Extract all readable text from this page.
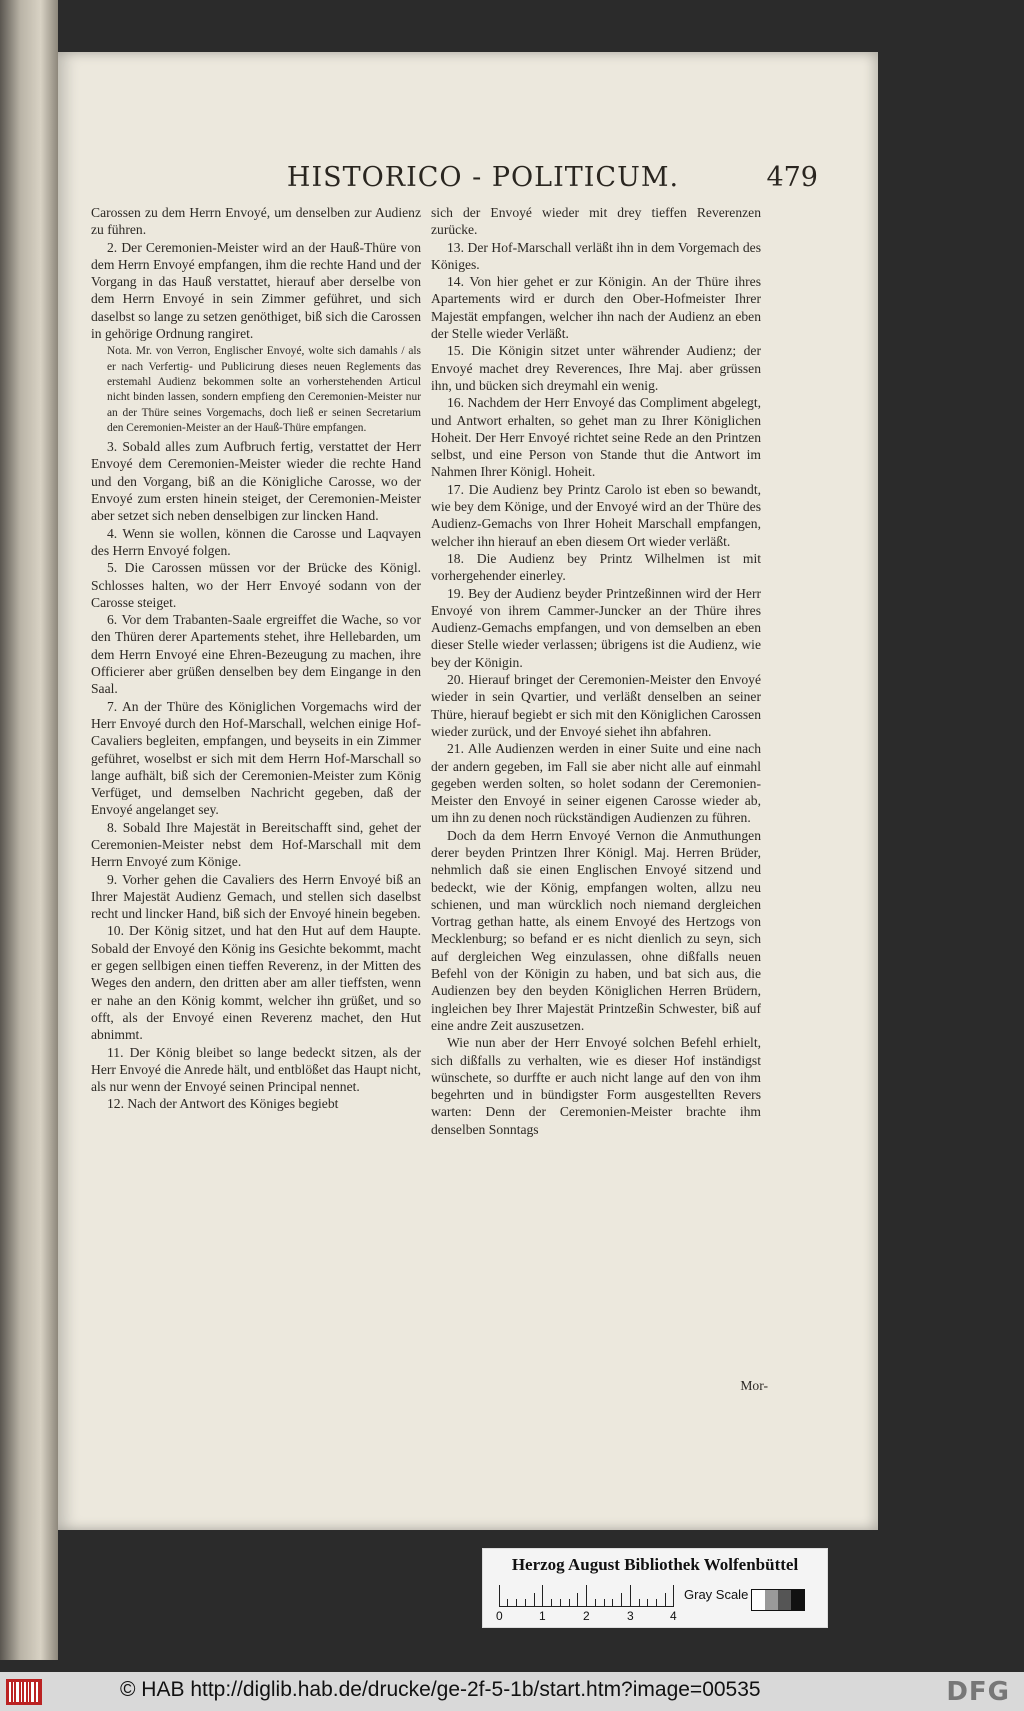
HISTORICO - POLITICUM.	479

Carossen zu dem Herrn Envoyé, um denselben zur Audienz zu führen.

2. Der Ceremonien-Meister wird an der Hauß-Thüre von dem Herrn Envoyé empfangen, ihm die rechte Hand und der Vorgang in das Hauß verstattet, hierauf aber derselbe von dem Herrn Envoyé in sein Zimmer geführet, und sich daselbst so lange zu setzen genöthiget, biß sich die Carossen in gehörige Ordnung rangiret.

Nota. Mr. von Verron, Englischer Envoyé, wolte sich damahls / als er nach Verfertig- und Publicirung dieses neuen Reglements das erstemahl Audienz bekommen solte an vorherstehenden Articul nicht binden lassen, sondern empfieng den Ceremonien-Meister nur an der Thüre seines Vorgemachs, doch ließ er seinen Secretarium den Ceremonien-Meister an der Hauß-Thüre empfangen.

3. Sobald alles zum Aufbruch fertig, verstattet der Herr Envoyé dem Ceremonien-Meister wieder die rechte Hand und den Vorgang, biß an die Königliche Carosse, wo der Envoyé zum ersten hinein steiget, der Ceremonien-Meister aber setzet sich neben denselbigen zur lincken Hand.

4. Wenn sie wollen, können die Carosse und Laqvayen des Herrn Envoyé folgen.

5. Die Carossen müssen vor der Brücke des Königl. Schlosses halten, wo der Herr Envoyé sodann von der Carosse steiget.

6. Vor dem Trabanten-Saale ergreiffet die Wache, so vor den Thüren derer Apartements stehet, ihre Hellebarden, um dem Herrn Envoyé eine Ehren-Bezeugung zu machen, ihre Officierer aber grüßen denselben bey dem Eingange in den Saal.

7. An der Thüre des Königlichen Vorgemachs wird der Herr Envoyé durch den Hof-Marschall, welchen einige Hof-Cavaliers begleiten, empfangen, und beyseits in ein Zimmer geführet, woselbst er sich mit dem Herrn Hof-Marschall so lange aufhält, biß sich der Ceremonien-Meister zum König Verfüget, und demselben Nachricht gegeben, daß der Envoyé angelanget sey.

8. Sobald Ihre Majestät in Bereitschafft sind, gehet der Ceremonien-Meister nebst dem Hof-Marschall mit dem Herrn Envoyé zum Könige.

9. Vorher gehen die Cavaliers des Herrn Envoyé biß an Ihrer Majestät Audienz Gemach, und stellen sich daselbst recht und lincker Hand, biß sich der Envoyé hinein begeben.

10. Der König sitzet, und hat den Hut auf dem Haupte. Sobald der Envoyé den König ins Gesichte bekommt, macht er gegen sellbigen einen tieffen Reverenz, in der Mitten des Weges den andern, den dritten aber am aller tieffsten, wenn er nahe an den König kommt, welcher ihn grüßet, und so offt, als der Envoyé einen Reverenz machet, den Hut abnimmt.

11. Der König bleibet so lange bedeckt sitzen, als der Herr Envoyé die Anrede hält, und entblößet das Haupt nicht, als nur wenn der Envoyé seinen Principal nennet.

12. Nach der Antwort des Königes begiebt

sich der Envoyé wieder mit drey tieffen Reverenzen zurücke.

13. Der Hof-Marschall verläßt ihn in dem Vorgemach des Königes.

14. Von hier gehet er zur Königin. An der Thüre ihres Apartements wird er durch den Ober-Hofmeister Ihrer Majestät empfangen, welcher ihn nach der Audienz an eben der Stelle wieder Verläßt.

15. Die Königin sitzet unter währender Audienz; der Envoyé machet drey Reverences, Ihre Maj. aber grüssen ihn, und bücken sich dreymahl ein wenig.

16. Nachdem der Herr Envoyé das Compliment abgelegt, und Antwort erhalten, so gehet man zu Ihrer Königlichen Hoheit. Der Herr Envoyé richtet seine Rede an den Printzen selbst, und eine Person von Stande thut die Antwort im Nahmen Ihrer Königl. Hoheit.

17. Die Audienz bey Printz Carolo ist eben so bewandt, wie bey dem Könige, und der Envoyé wird an der Thüre des Audienz-Gemachs von Ihrer Hoheit Marschall empfangen, welcher ihn hierauf an eben diesem Ort wieder verläßt.

18. Die Audienz bey Printz Wilhelmen ist mit vorhergehender einerley.

19. Bey der Audienz beyder Printzeßinnen wird der Herr Envoyé von ihrem Cammer-Juncker an der Thüre ihres Audienz-Gemachs empfangen, und von demselben an eben dieser Stelle wieder verlassen; übrigens ist die Audienz, wie bey der Königin.

20. Hierauf bringet der Ceremonien-Meister den Envoyé wieder in sein Qvartier, und verläßt denselben an seiner Thüre, hierauf begiebt er sich mit den Königlichen Carossen wieder zurück, und der Envoyé siehet ihn abfahren.

21. Alle Audienzen werden in einer Suite und eine nach der andern gegeben, im Fall sie aber nicht alle auf einmahl gegeben werden solten, so holet sodann der Ceremonien-Meister den Envoyé in seiner eigenen Carosse wieder ab, um ihn zu denen noch rückständigen Audienzen zu führen.

Doch da dem Herrn Envoyé Vernon die Anmuthungen derer beyden Printzen Ihrer Königl. Maj. Herren Brüder, nehmlich daß sie einen Englischen Envoyé sitzend und bedeckt, wie der König, empfangen wolten, allzu neu schienen, und man würcklich noch niemand dergleichen Vortrag gethan hatte, als einem Envoyé des Hertzogs von Mecklenburg; so befand er es nicht dienlich zu seyn, sich auf dergleichen Weg einzulassen, ohne dißfalls neuen Befehl von der Königin zu haben, und bat sich aus, die Audienzen bey den beyden Königlichen Herren Brüdern, ingleichen bey Ihrer Majestät Printzeßin Schwester, biß auf eine andre Zeit auszusetzen.

Wie nun aber der Herr Envoyé solchen Befehl erhielt, sich dißfalls zu verhalten, wie es dieser Hof inständigst wünschete, so durffte er auch nicht lange auf den von ihm begehrten und in bündigster Form ausgestellten Revers warten: Denn der Ceremonien-Meister brachte ihm denselben Sonntags

Mor-
Herzog August Bibliothek Wolfenbüttel
0	1	2	3	4
Gray Scale
© HAB http://diglib.hab.de/drucke/ge-2f-5-1b/start.htm?image=00535	DFG
